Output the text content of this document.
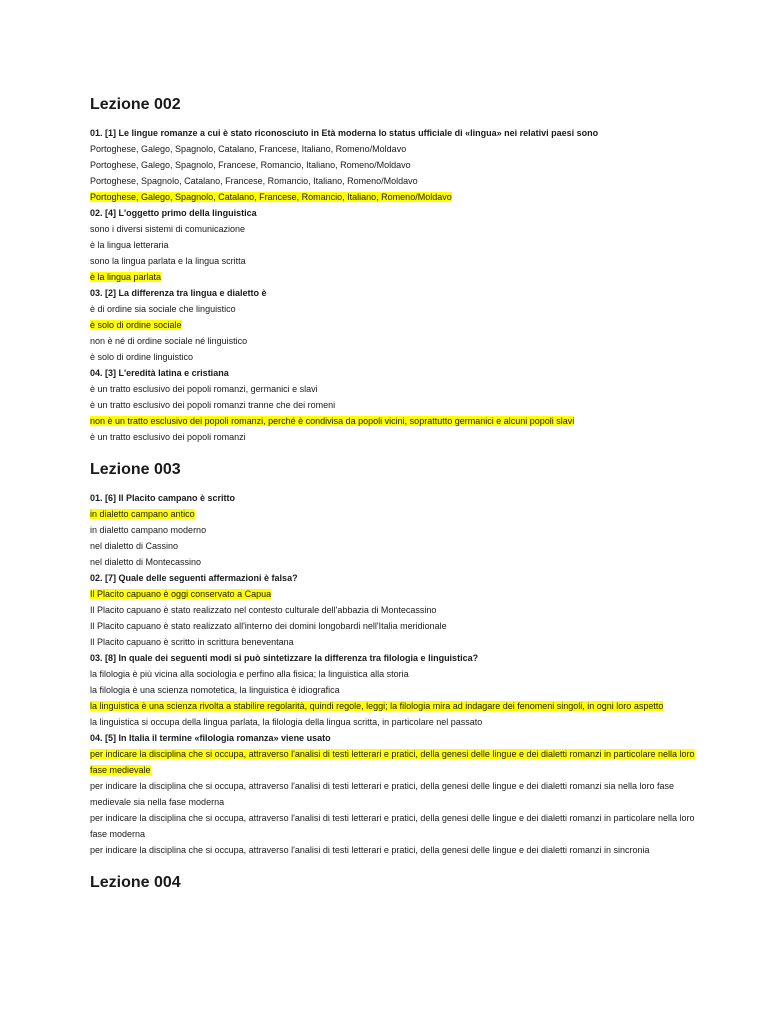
Lezione 002
01. [1] Le lingue romanze a cui è stato riconosciuto in Età moderna lo status ufficiale di «lingua» nei relativi paesi sono
Portoghese, Galego, Spagnolo, Catalano, Francese, Italiano, Romeno/Moldavo
Portoghese, Galego, Spagnolo, Francese, Romancio, Italiano, Romeno/Moldavo
Portoghese, Spagnolo, Catalano, Francese, Romancio, Italiano, Romeno/Moldavo
Portoghese, Galego, Spagnolo, Catalano, Francese, Romancio, Italiano, Romeno/Moldavo
02. [4] L'oggetto primo della linguistica
sono i diversi sistemi di comunicazione
è la lingua letteraria
sono la lingua parlata e la lingua scritta
è la lingua parlata
03. [2] La differenza tra lingua e dialetto è
è di ordine sia sociale che linguistico
è solo di ordine sociale
non è né di ordine sociale né linguistico
è solo di ordine linguistico
04. [3] L'eredità latina e cristiana
è un tratto esclusivo dei popoli romanzi, germanici e slavi
è un tratto esclusivo dei popoli romanzi tranne che dei romeni
non è un tratto esclusivo dei popoli romanzi, perché è condivisa da popoli vicini, soprattutto germanici e alcuni popoli slavi
è un tratto esclusivo dei popoli romanzi
Lezione 003
01. [6] Il Placito campano è scritto
in dialetto campano antico
in dialetto campano moderno
nel dialetto di Cassino
nel dialetto di Montecassino
02. [7] Quale delle seguenti affermazioni è falsa?
Il Placito capuano è oggi conservato a Capua
Il Placito capuano è stato realizzato nel contesto culturale dell'abbazia di Montecassino
Il Placito capuano è stato realizzato all'interno dei domini longobardi nell'Italia meridionale
Il Placito capuano è scritto in scrittura beneventana
03. [8] In quale dei seguenti modi si può sintetizzare la differenza tra filologia e linguistica?
la filologia è più vicina alla sociologia e perfino alla fisica; la linguistica alla storia
la filologia è una scienza nomotetica, la linguistica è idiografica
la linguistica è una scienza rivolta a stabilire regolarità, quindi regole, leggi; la filologia mira ad indagare dei fenomeni singoli, in ogni loro aspetto
la linguistica si occupa della lingua parlata, la filologia della lingua scritta, in particolare nel passato
04. [5] In Italia il termine «filologia romanza» viene usato
per indicare la disciplina che si occupa, attraverso l'analisi di testi letterari e pratici, della genesi delle lingue e dei dialetti romanzi in particolare nella loro fase medievale
per indicare la disciplina che si occupa, attraverso l'analisi di testi letterari e pratici, della genesi delle lingue e dei dialetti romanzi sia nella loro fase medievale sia nella fase moderna
per indicare la disciplina che si occupa, attraverso l'analisi di testi letterari e pratici, della genesi delle lingue e dei dialetti romanzi in particolare nella loro fase moderna
per indicare la disciplina che si occupa, attraverso l'analisi di testi letterari e pratici, della genesi delle lingue e dei dialetti romanzi in sincronia
Lezione 004
